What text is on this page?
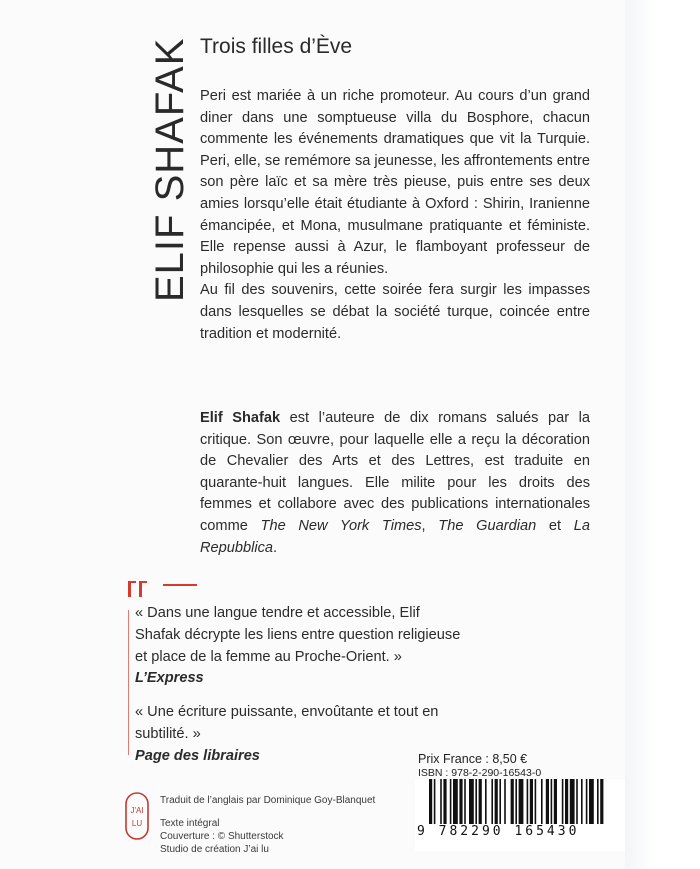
ELIF SHAFAK Trois filles d’Ève

Peri est mariée à un riche promoteur. Au cours d’un grand diner dans une somptueuse villa du Bosphore, chacun commente les événements dramatiques que vit la Turquie. Peri, elle, se remémore sa jeunesse, les affrontements entre son père laïc et sa mère très pieuse, puis entre ses deux amies lorsqu’elle était étudiante à Oxford : Shirin, Iranienne émancipée, et Mona, musulmane pratiquante et féministe. Elle repense aussi à Azur, le flamboyant professeur de philosophie qui les a réunies.

Au fil des souvenirs, cette soirée fera surgir les impasses dans lesquelles se débat la société turque, coincée entre tradition et modernité.

Elif Shafak est l’auteure de dix romans salués par la critique. Son œuvre, pour laquelle elle a reçu la décoration de Chevalier des Arts et des Lettres, est traduite en quarante-huit langues. Elle milite pour les droits des femmes et collabore avec des publications internationales comme The New York Times, The Guardian et La Repubblica.

« Dans une langue tendre et accessible, Elif Shafak décrypte les liens entre question religieuse et place de la femme au Proche-Orient. »

L’Express

« Une écriture puissante, envoûtante et tout en subtilité. »

Page des libraires

J'AI
LU
Traduit de l’anglais par Dominique Goy-Blanquet
Texte intégral
Couverture : © Shutterstock
Studio de création J’ai lu
Prix France : 8,50 €
ISBN : 978-2-290-16543-0
9 782290 165430
